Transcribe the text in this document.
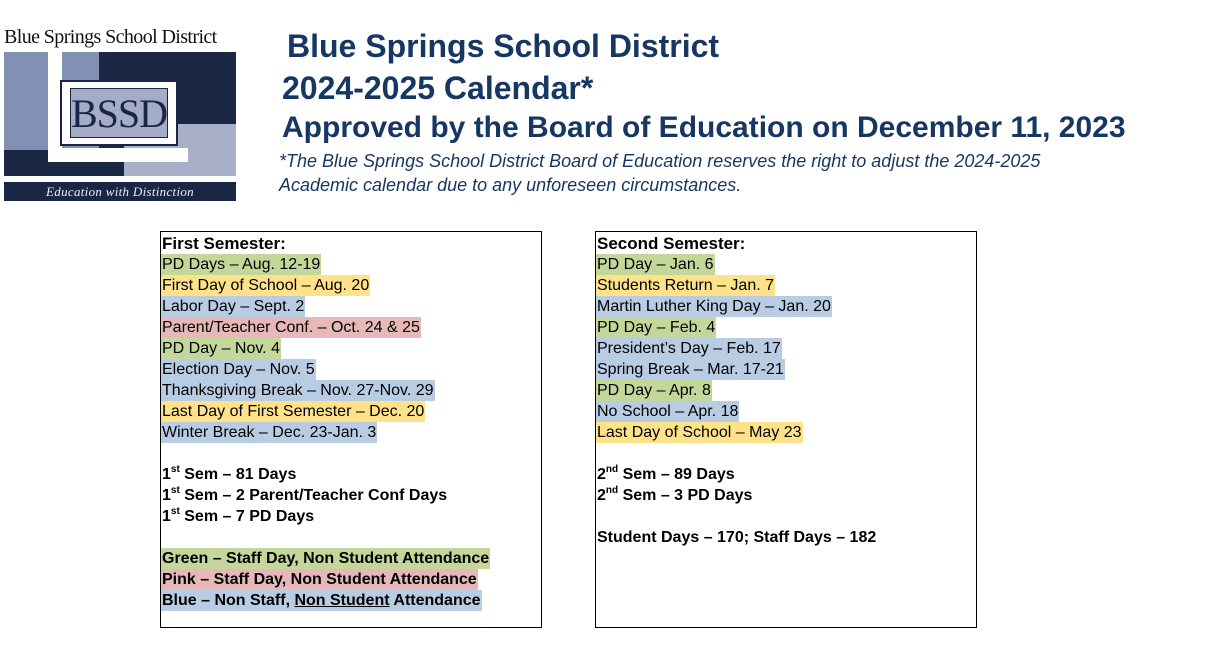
Blue Springs School District
BSSD
Education with Distinction
Blue Springs School District
2024-2025 Calendar*
Approved by the Board of Education on December 11, 2023
*The Blue Springs School District Board of Education reserves the right to adjust the 2024-2025
Academic calendar due to any unforeseen circumstances.
First Semester:
PD Days – Aug. 12-19
First Day of School – Aug. 20
Labor Day – Sept. 2
Parent/Teacher Conf. – Oct. 24 & 25
PD Day – Nov. 4
Election Day – Nov. 5
Thanksgiving Break – Nov. 27-Nov. 29
Last Day of First Semester – Dec. 20
Winter Break – Dec. 23-Jan. 3
1st Sem – 81 Days
1st Sem – 2 Parent/Teacher Conf Days
1st Sem – 7 PD Days
Green – Staff Day, Non Student Attendance
Pink – Staff Day, Non Student Attendance
Blue – Non Staff, Non Student Attendance
Second Semester:
PD Day – Jan. 6
Students Return – Jan. 7
Martin Luther King Day – Jan. 20
PD Day – Feb. 4
President’s Day – Feb. 17
Spring Break – Mar. 17-21
PD Day – Apr. 8
No School – Apr. 18
Last Day of School – May 23
2nd Sem – 89 Days
2nd Sem – 3 PD Days
Student Days – 170; Staff Days – 182
